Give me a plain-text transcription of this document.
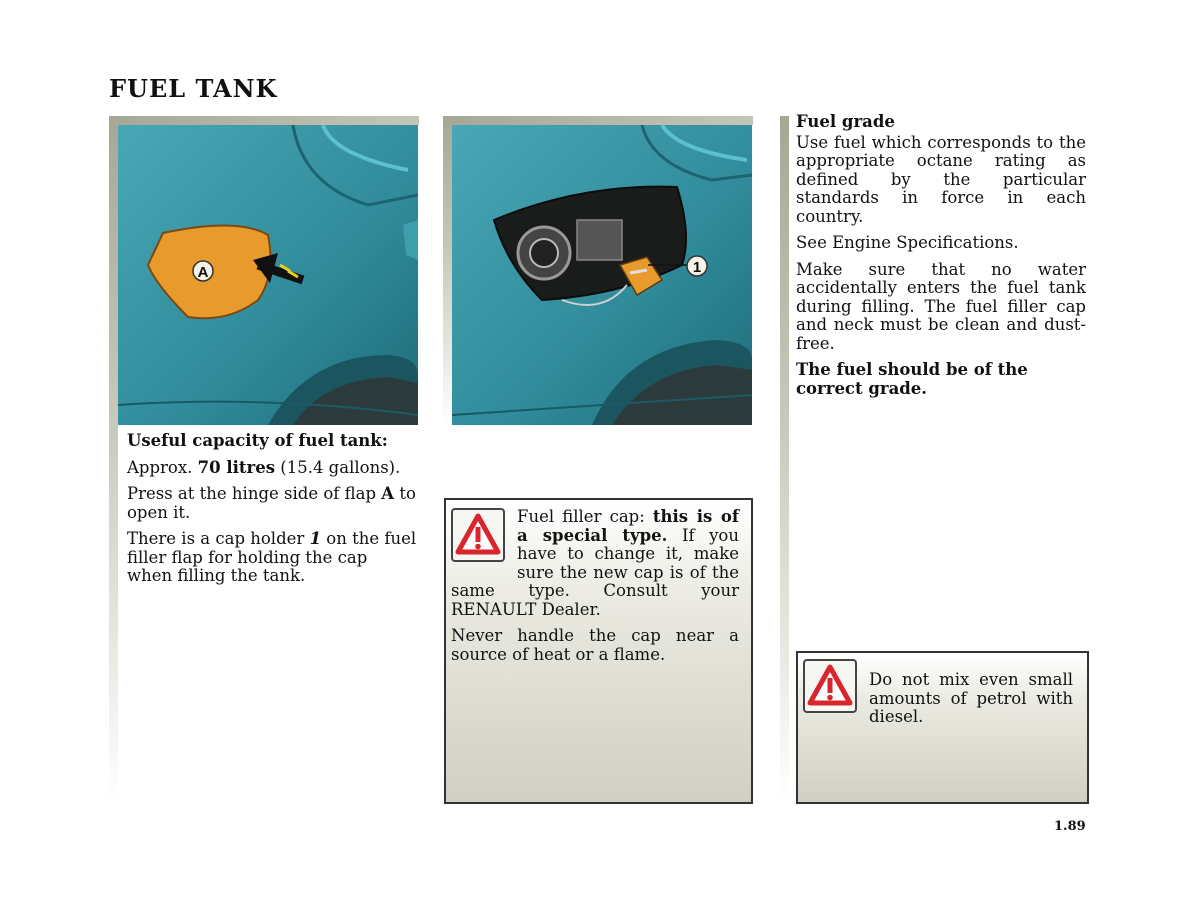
FUEL TANK
A

Useful capacity of fuel tank:

Approx. 70 litres (15.4 gallons).

Press at the hinge side of flap A to open it.

There is a cap holder 1 on the fuel filler flap for holding the cap when filling the tank.

1

Fuel filler cap: this is of a special type. If you have to change it, make sure the new cap is of the same type. Consult your RENAULT Dealer.

Never handle the cap near a source of heat or a flame.

Fuel grade

Use fuel which corresponds to the appropriate octane rating as defined by the particular standards in force in each country.

See Engine Specifications.

Make sure that no water accidentally enters the fuel tank during filling. The fuel filler cap and neck must be clean and dust-free.

The fuel should be of the correct grade.

Do not mix even small amounts of petrol with diesel.
1.89
